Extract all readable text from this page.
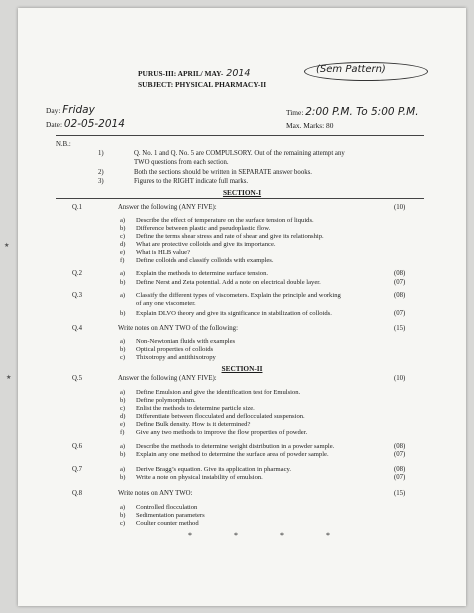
PURUS-III: APRIL/ MAY- 2014	(Sem Pattern)
SUBJECT: PHYSICAL PHARMACY-II
Day: Friday
Date: 02-05-2014
Time: 2:00 P.M. To 5:00 P.M.
Max. Marks: 80
N.B.:
1)	Q. No. 1 and Q. No. 5 are COMPULSORY. Out of the remaining attempt any
TWO questions from each section.
2)	Both the sections should be written in SEPARATE answer books.
3)	Figures to the RIGHT indicate full marks.
SECTION-I
Q.1	Answer the following (ANY FIVE):	(10)
a) Describe the effect of temperature on the surface tension of liquids.
b) Difference between plastic and pseudoplastic flow.
c) Define the terms shear stress and rate of shear and give its relationship.
d) What are protective colloids and give its importance.
e) What is HLB value?
f) Define colloids and classify colloids with examples.
٭
Q.2	a) Explain the methods to determine surface tension.	(08)
b) Define Nerst and Zeta potential. Add a note on electrical double layer.	(07)
Q.3	a) Classify the different types of viscometers. Explain the principle and working	(08)
of any one viscometer.
b) Explain DLVO theory and give its significance in stabilization of colloids.	(07)
Q.4	Write notes on ANY TWO of the following:	(15)
a) Non-Newtonian fluids with examples
b) Optical properties of colloids
c) Thixotropy and antithixotropy
SECTION-II
Q.5	Answer the following (ANY FIVE):	(10)
٭
a) Define Emulsion and give the identification test for Emulsion.
b) Define polymorphism.
c) Enlist the methods to determine particle size.
d) Differentiate between flocculated and deflocculated suspension.
e) Define Bulk density. How is it determined?
f) Give any two methods to improve the flow properties of powder.
Q.6	a) Describe the methods to determine weight distribution in a powder sample.	(08)
b) Explain any one method to determine the surface area of powder sample.	(07)
Q.7	a) Derive Bragg’s equation. Give its application in pharmacy.	(08)
b) Write a note on physical instability of emulsion.	(07)
Q.8	Write notes on ANY TWO:	(15)
a) Controlled flocculation
b) Sedimentation parameters
c) Coulter counter method
* * * *
